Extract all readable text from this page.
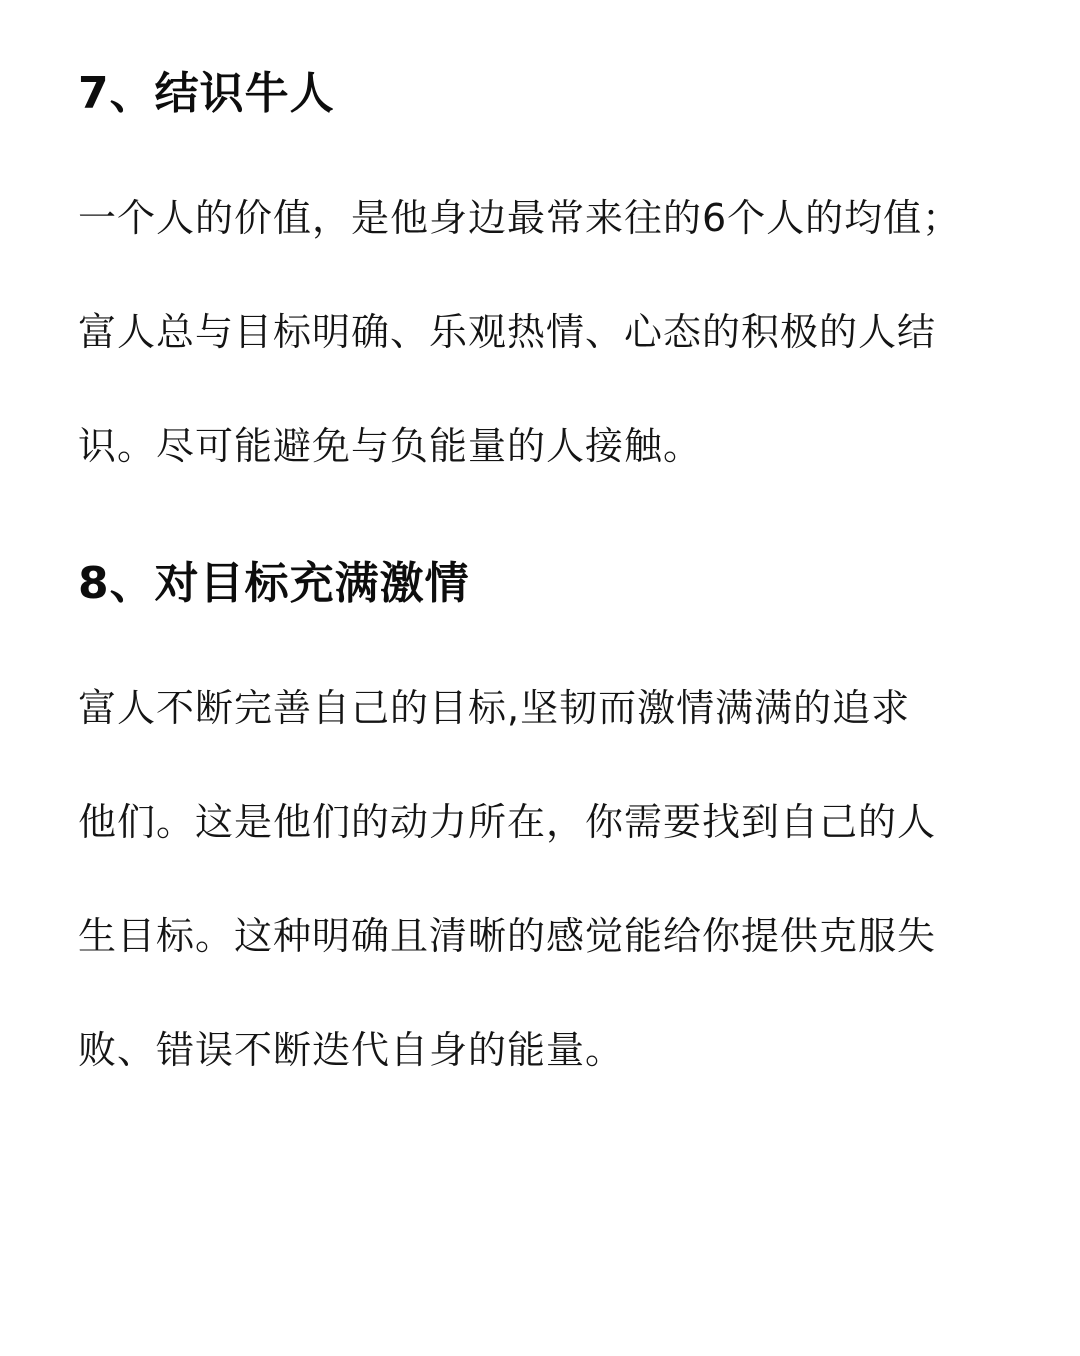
7、结识牛人

一个人的价值，是他身边最常来往的6个人的均值；

富人总与目标明确、乐观热情、心态的积极的人结

识。尽可能避免与负能量的人接触。

8、对目标充满激情

富人不断完善自己的目标,坚韧而激情满满的追求

他们。这是他们的动力所在，你需要找到自己的人

生目标。这种明确且清晰的感觉能给你提供克服失

败、错误不断迭代自身的能量。
